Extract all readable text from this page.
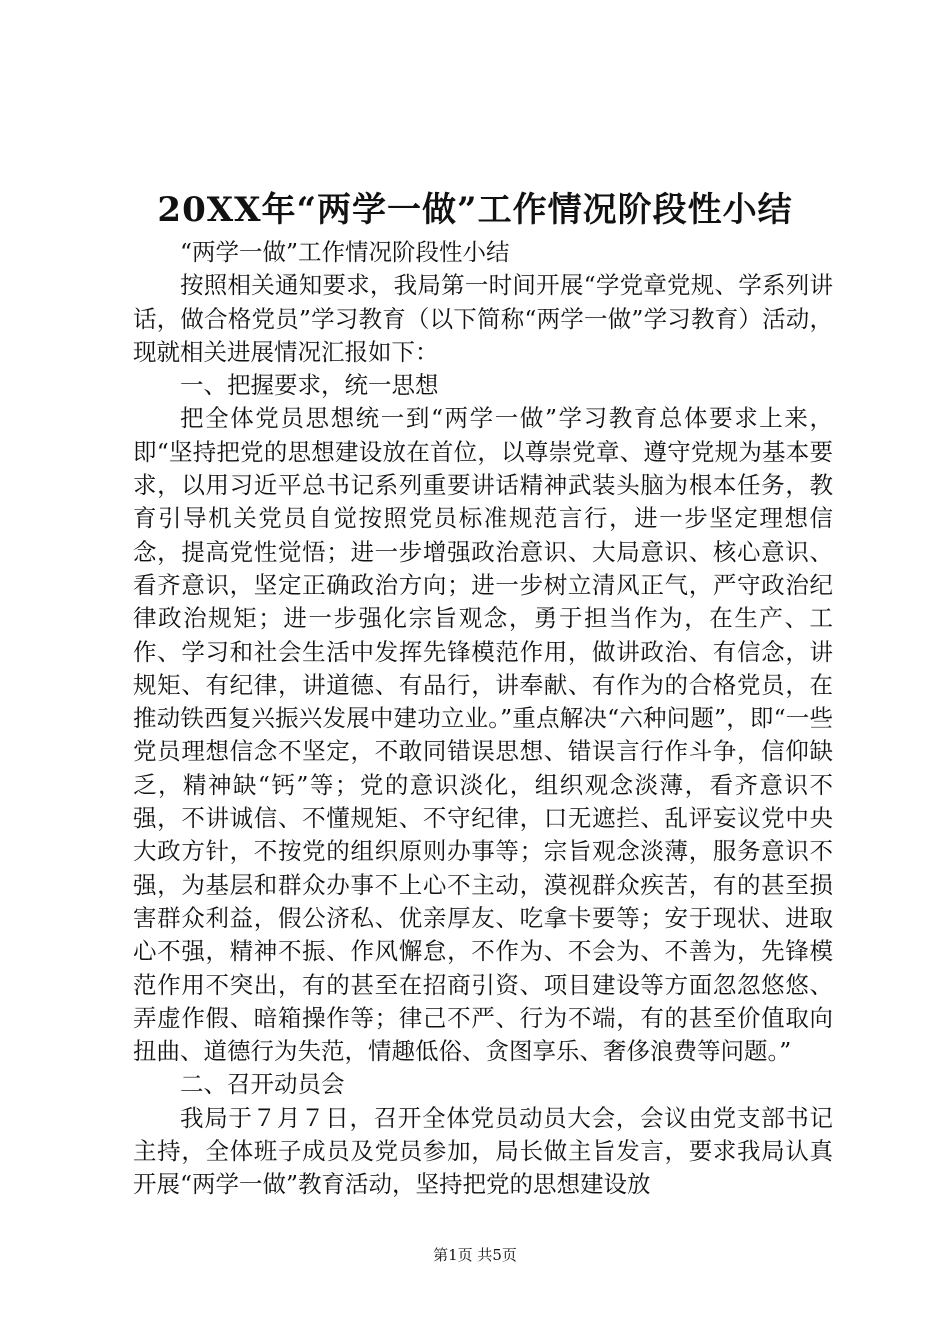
20XX年“两学一做”工作情况阶段性小结

“两学一做”工作情况阶段性小结

按照相关通知要求，我局第一时间开展“学党章党规、学系列讲话，做合格党员”学习教育（以下简称“两学一做”学习教育）活动，现就相关进展情况汇报如下：

一、把握要求，统一思想

把全体党员思想统一到“两学一做”学习教育总体要求上来，即“坚持把党的思想建设放在首位，以尊崇党章、遵守党规为基本要求，以用习近平总书记系列重要讲话精神武装头脑为根本任务，教育引导机关党员自觉按照党员标准规范言行，进一步坚定理想信念，提高党性觉悟；进一步增强政治意识、大局意识、核心意识、看齐意识，坚定正确政治方向；进一步树立清风正气，严守政治纪律政治规矩；进一步强化宗旨观念，勇于担当作为，在生产、工作、学习和社会生活中发挥先锋模范作用，做讲政治、有信念，讲规矩、有纪律，讲道德、有品行，讲奉献、有作为的合格党员，在推动铁西复兴振兴发展中建功立业。”重点解决“六种问题”，即“一些党员理想信念不坚定，不敢同错误思想、错误言行作斗争，信仰缺乏，精神缺“钙”等；党的意识淡化，组织观念淡薄，看齐意识不强，不讲诚信、不懂规矩、不守纪律，口无遮拦、乱评妄议党中央大政方针，不按党的组织原则办事等；宗旨观念淡薄，服务意识不强，为基层和群众办事不上心不主动，漠视群众疾苦，有的甚至损害群众利益，假公济私、优亲厚友、吃拿卡要等；安于现状、进取心不强，精神不振、作风懈怠，不作为、不会为、不善为，先锋模范作用不突出，有的甚至在招商引资、项目建设等方面忽忽悠悠、弄虚作假、暗箱操作等；律己不严、行为不端，有的甚至价值取向扭曲、道德行为失范，情趣低俗、贪图享乐、奢侈浪费等问题。”

二、召开动员会

我局于７月７日，召开全体党员动员大会，会议由党支部书记主持，全体班子成员及党员参加，局长做主旨发言，要求我局认真开展“两学一做”教育活动，坚持把党的思想建设放

第1页 共5页
